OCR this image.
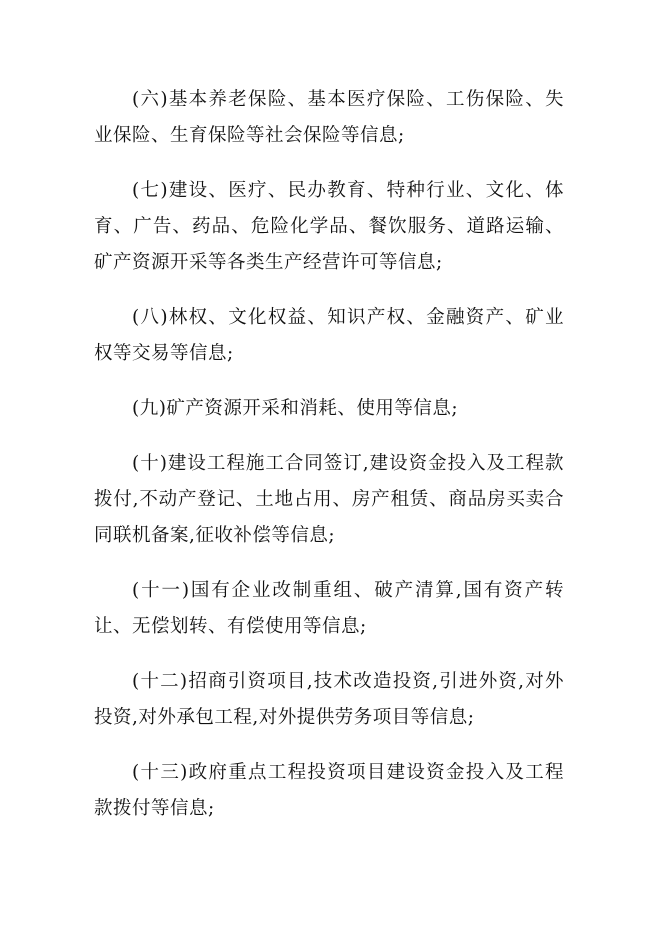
(六)基本养老保险、基本医疗保险、工伤保险、失业保险、生育保险等社会保险等信息;

(七)建设、医疗、民办教育、特种行业、文化、体育、广告、药品、危险化学品、餐饮服务、道路运输、矿产资源开采等各类生产经营许可等信息;

(八)林权、文化权益、知识产权、金融资产、矿业权等交易等信息;

(九)矿产资源开采和消耗、使用等信息;

(十)建设工程施工合同签订,建设资金投入及工程款拨付,不动产登记、土地占用、房产租赁、商品房买卖合同联机备案,征收补偿等信息;

(十一)国有企业改制重组、破产清算,国有资产转让、无偿划转、有偿使用等信息;

(十二)招商引资项目,技术改造投资,引进外资,对外投资,对外承包工程,对外提供劳务项目等信息;

(十三)政府重点工程投资项目建设资金投入及工程款拨付等信息;
